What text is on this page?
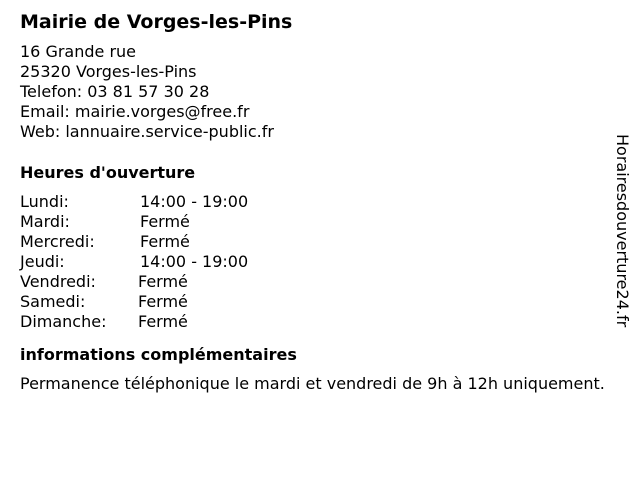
Mairie de Vorges-les-Pins
16 Grande rue
25320 Vorges-les-Pins
Telefon: 03 81 57 30 28
Email: mairie.vorges@free.fr
Web: lannuaire.service-public.fr
Heures d'ouverture
Lundi:	14:00 - 19:00
Mardi:	Fermé
Mercredi:	Fermé
Jeudi:	14:00 - 19:00
Vendredi:	Fermé
Samedi:	Fermé
Dimanche: Fermé
informations complémentaires
Permanence téléphonique le mardi et vendredi de 9h à 12h uniquement.
Horairesdouverture24.fr
